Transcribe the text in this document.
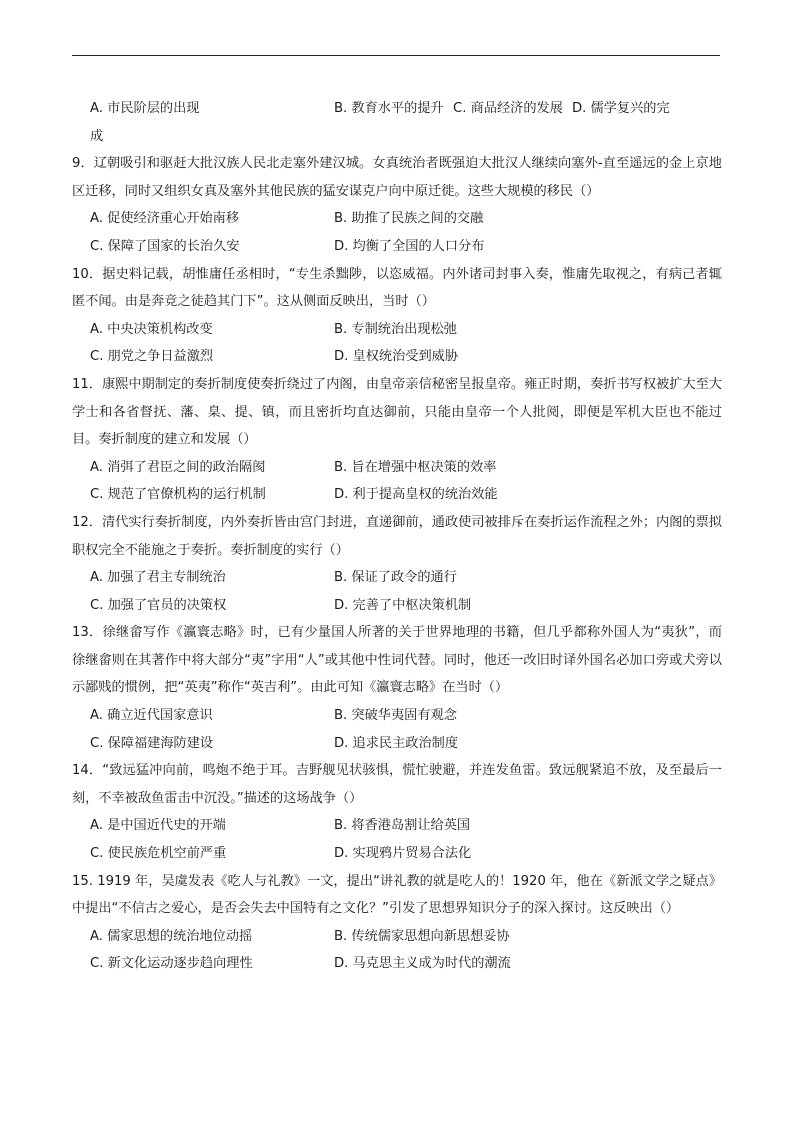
A. 市民阶层的出现	B. 教育水平的提升 C. 商品经济的发展 D. 儒学复兴的完
成

9．辽朝吸引和驱赶大批汉族人民北走塞外建汉城。女真统治者既强迫大批汉人继续向塞外-直至遥远的金上京地区迁移，同时又组织女真及塞外其他民族的猛安谋克户向中原迁徙。这些大规模的移民（）

A. 促使经济重心开始南移	B. 助推了民族之间的交融
C. 保障了国家的长治久安	D. 均衡了全国的人口分布

10．据史料记载，胡惟庸任丞相时，“专生杀黜陟，以恣威福。内外诸司封事入奏，惟庸先取视之，有病己者辄匿不闻。由是奔竞之徒趋其门下”。这从侧面反映出，当时（）

A. 中央决策机构改变	B. 专制统治出现松弛
C. 朋党之争日益激烈	D. 皇权统治受到威胁

11．康熙中期制定的奏折制度使奏折绕过了内阁，由皇帝亲信秘密呈报皇帝。雍正时期，奏折书写权被扩大至大学士和各省督抚、藩、臬、提、镇，而且密折均直达御前，只能由皇帝一个人批阅，即便是军机大臣也不能过目。奏折制度的建立和发展（）

A. 消弭了君臣之间的政治隔阂	B. 旨在增强中枢决策的效率
C. 规范了官僚机构的运行机制	D. 利于提高皇权的统治效能

12．清代实行奏折制度，内外奏折皆由宫门封进，直递御前，通政使司被排斥在奏折运作流程之外；内阁的票拟职权完全不能施之于奏折。奏折制度的实行（）

A. 加强了君主专制统治	B. 保证了政令的通行
C. 加强了官员的决策权	D. 完善了中枢决策机制

13．徐继畲写作《瀛寰志略》时，已有少量国人所著的关于世界地理的书籍，但几乎都称外国人为“夷狄”，而徐继畲则在其著作中将大部分“夷”字用“人”或其他中性词代替。同时，他还一改旧时译外国名必加口旁或犬旁以示鄙贱的惯例，把“英夷”称作“英吉利”。由此可知《瀛寰志略》在当时（）

A. 确立近代国家意识	B. 突破华夷固有观念
C. 保障福建海防建设	D. 追求民主政治制度

14．“致远猛冲向前，鸣炮不绝于耳。吉野舰见状骇惧，慌忙驶避，并连发鱼雷。致远舰紧追不放，及至最后一刻，不幸被敌鱼雷击中沉没。”描述的这场战争（）

A. 是中国近代史的开端	B. 将香港岛割让给英国
C. 使民族危机空前严重	D. 实现鸦片贸易合法化

15. 1919 年，吴虞发表《吃人与礼教》一文，提出“讲礼教的就是吃人的！1920 年，他在《新派文学之疑点》中提出“不信古之爱心，是否会失去中国特有之文化？”引发了思想界知识分子的深入探讨。这反映出（）

A. 儒家思想的统治地位动摇	B. 传统儒家思想向新思想妥协
C. 新文化运动逐步趋向理性	D. 马克思主义成为时代的潮流
